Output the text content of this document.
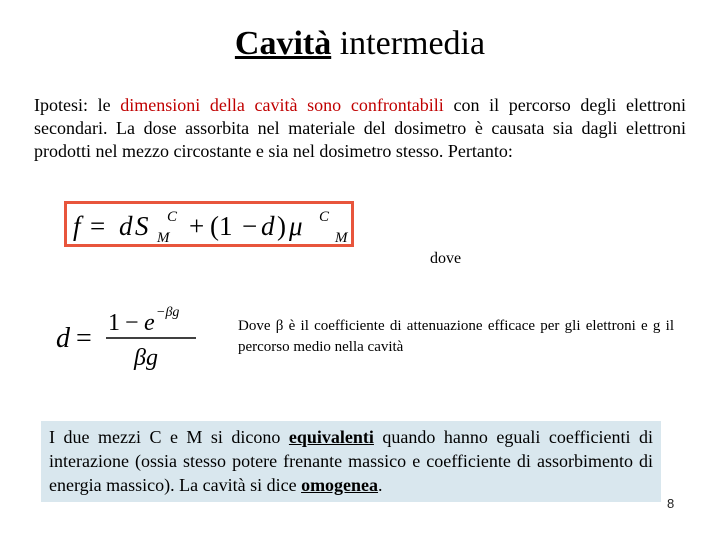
Cavità intermedia
Ipotesi: le dimensioni della cavità sono confrontabili con il percorso degli elettroni secondari. La dose assorbita nel materiale del dosimetro è causata sia dagli elettroni prodotti nel mezzo circostante e sia nel dosimetro stesso. Pertanto:
f = d S C
M + (1 − d ) μ C
M
dove
d = 1 − e −βg
βg
Dove β è il coefficiente di attenuazione efficace per gli elettroni e g il percorso medio nella cavità
I due mezzi C e M si dicono equivalenti quando hanno eguali coefficienti di interazione (ossia stesso potere frenante massico e coefficiente di assorbimento di energia massico). La cavità si dice omogenea.
8
